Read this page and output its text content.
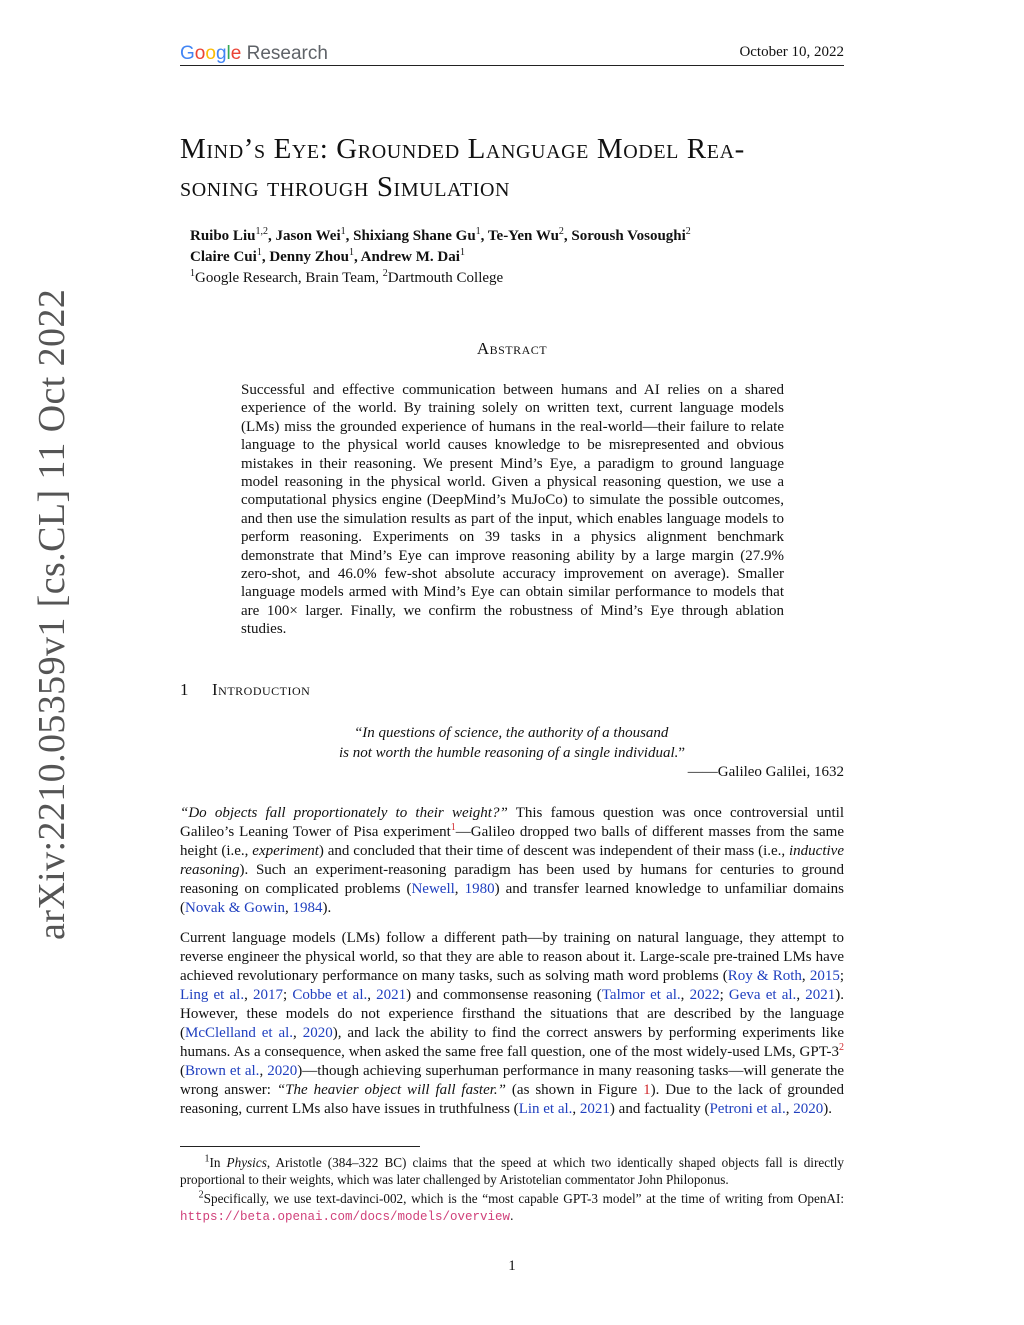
Google Research	October 10, 2022
arXiv:2210.05359v1 [cs.CL] 11 Oct 2022
Mind’s Eye: Grounded Language Model Rea-
soning through Simulation
Ruibo Liu$^{1,2}$, Jason Wei$^1$, Shixiang Shane Gu$^1$, Te-Yen Wu$^2$, Soroush Vosoughi$^2$
Claire Cui$^1$, Denny Zhou$^1$, Andrew M. Dai$^1$
$^1$Google Research, Brain Team, $^2$Dartmouth College
Abstract
Successful and effective communication between humans and AI relies on a shared experience of the world. By training solely on written text, current language models (LMs) miss the grounded experience of humans in the real-world—their failure to relate language to the physical world causes knowledge to be misrepresented and obvious mistakes in their reasoning. We present Mind’s Eye, a paradigm to ground language model reasoning in the physical world. Given a physical reasoning question, we use a computational physics engine (DeepMind’s MuJoCo) to simulate the possible outcomes, and then use the simulation results as part of the input, which enables language models to perform reasoning. Experiments on 39 tasks in a physics alignment benchmark demonstrate that Mind’s Eye can improve reasoning ability by a large margin (27.9% zero-shot, and 46.0% few-shot absolute accuracy improvement on average). Smaller language models armed with Mind’s Eye can obtain similar performance to models that are 100× larger. Finally, we confirm the robustness of Mind’s Eye through ablation studies.
1 Introduction
“In questions of science, the authority of a thousand
is not worth the humble reasoning of a single individual.”
——Galileo Galilei, 1632
“Do objects fall proportionately to their weight?” This famous question was once controversial until Galileo’s Leaning Tower of Pisa experiment$^1$—Galileo dropped two balls of different masses from the same height (i.e., experiment) and concluded that their time of descent was independent of their mass (i.e., inductive reasoning). Such an experiment-reasoning paradigm has been used by humans for centuries to ground reasoning on complicated problems (Newell, 1980) and transfer learned knowledge to unfamiliar domains (Novak & Gowin, 1984).
Current language models (LMs) follow a different path—by training on natural language, they attempt to reverse engineer the physical world, so that they are able to reason about it. Large-scale pre-trained LMs have achieved revolutionary performance on many tasks, such as solving math word problems (Roy & Roth, 2015; Ling et al., 2017; Cobbe et al., 2021) and commonsense reasoning (Talmor et al., 2022; Geva et al., 2021). However, these models do not experience firsthand the situations that are described by the language (McClelland et al., 2020), and lack the ability to find the correct answers by performing experiments like humans. As a consequence, when asked the same free fall question, one of the most widely-used LMs, GPT-$3^2$ (Brown et al., 2020)—though achieving superhuman performance in many reasoning tasks—will generate the wrong answer: “The heavier object will fall faster.” (as shown in Figure 1). Due to the lack of grounded reasoning, current LMs also have issues in truthfulness (Lin et al., 2021) and factuality (Petroni et al., 2020).
$^1$In Physics, Aristotle (384–322 BC) claims that the speed at which two identically shaped objects fall is directly proportional to their weights, which was later challenged by Aristotelian commentator John Philoponus.
$^2$Specifically, we use text-davinci-002, which is the “most capable GPT-3 model” at the time of writing from OpenAI: https://beta.openai.com/docs/models/overview.
1
